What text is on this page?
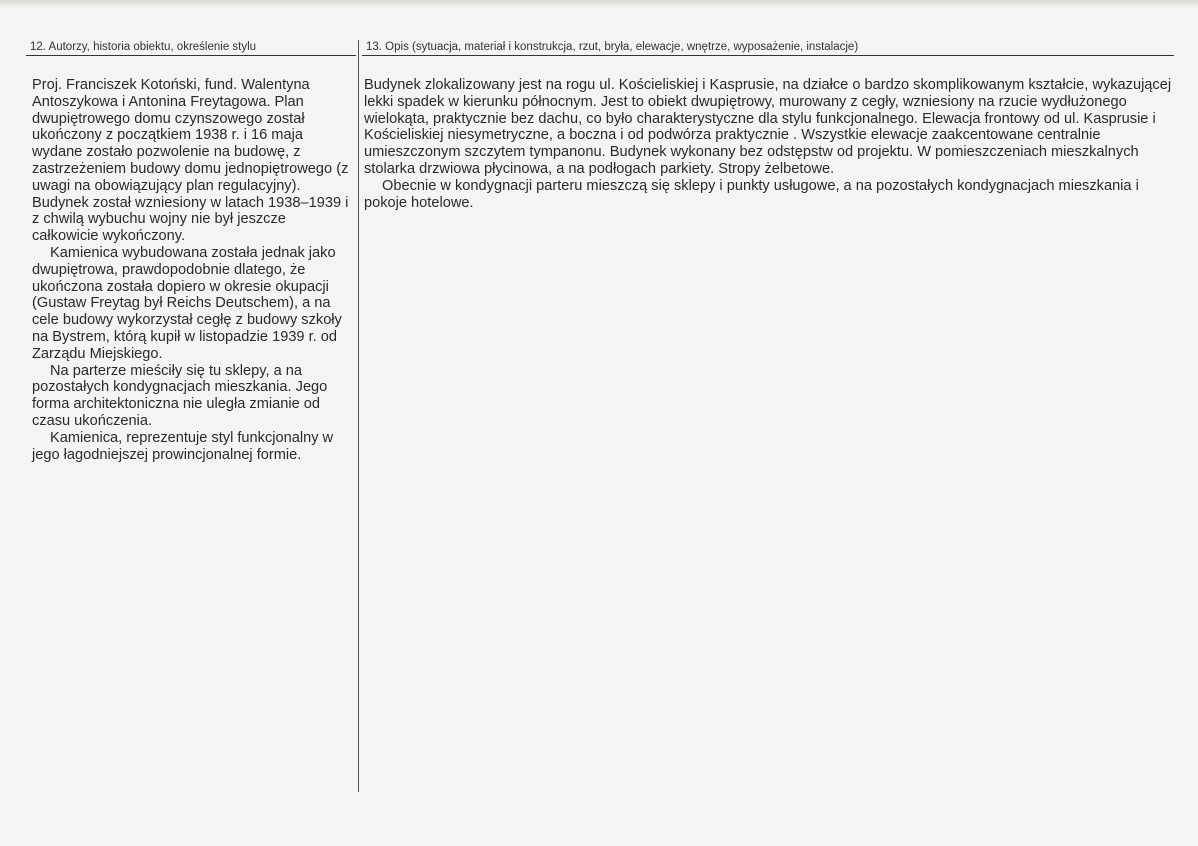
12. Autorzy, historia obiektu, określenie stylu

Proj. Franciszek Kotoński, fund. Walentyna Antoszykowa i Antonina Freytagowa. Plan dwupiętrowego domu czynszowego został ukończony z początkiem 1938 r. i 16 maja wydane zostało pozwolenie na budowę, z zastrzeżeniem budowy domu jednopiętrowego (z uwagi na obowiązujący plan regulacyjny). Budynek został wzniesiony w latach 1938–1939 i z chwilą wybuchu wojny nie był jeszcze całkowicie wykończony.

Kamienica wybudowana została jednak jako dwupiętrowa, prawdopodobnie dlatego, że ukończona została dopiero w okresie okupacji (Gustaw Freytag był Reichs Deutschem), a na cele budowy wykorzystał cegłę z budowy szkoły na Bystrem, którą kupił w listopadzie 1939 r. od Zarządu Miejskiego.

Na parterze mieściły się tu sklepy, a na pozostałych kondygnacjach mieszkania. Jego forma architektoniczna nie uległa zmianie od czasu ukończenia.

Kamienica, reprezentuje styl funkcjonalny w jego łagodniejszej prowincjonalnej formie.

13. Opis (sytuacja, materiał i konstrukcja, rzut, bryła, elewacje, wnętrze, wyposażenie, instalacje)

Budynek zlokalizowany jest na rogu ul. Kościeliskiej i Kasprusie, na działce o bardzo skomplikowanym kształcie, wykazującej lekki spadek w kierunku północnym. Jest to obiekt dwupiętrowy, murowany z cegły, wzniesiony na rzucie wydłużonego wielokąta, praktycznie bez dachu, co było charakterystyczne dla stylu funkcjonalnego. Elewacja frontowy od ul. Kasprusie i Kościeliskiej niesymetryczne, a boczna i od podwórza praktycznie . Wszystkie elewacje zaakcentowane centralnie umieszczonym szczytem tympanonu. Budynek wykonany bez odstępstw od projektu. W pomieszczeniach mieszkalnych stolarka drzwiowa płycinowa, a na podłogach parkiety. Stropy żelbetowe.

Obecnie w kondygnacji parteru mieszczą się sklepy i punkty usługowe, a na pozostałych kondygnacjach mieszkania i pokoje hotelowe.
